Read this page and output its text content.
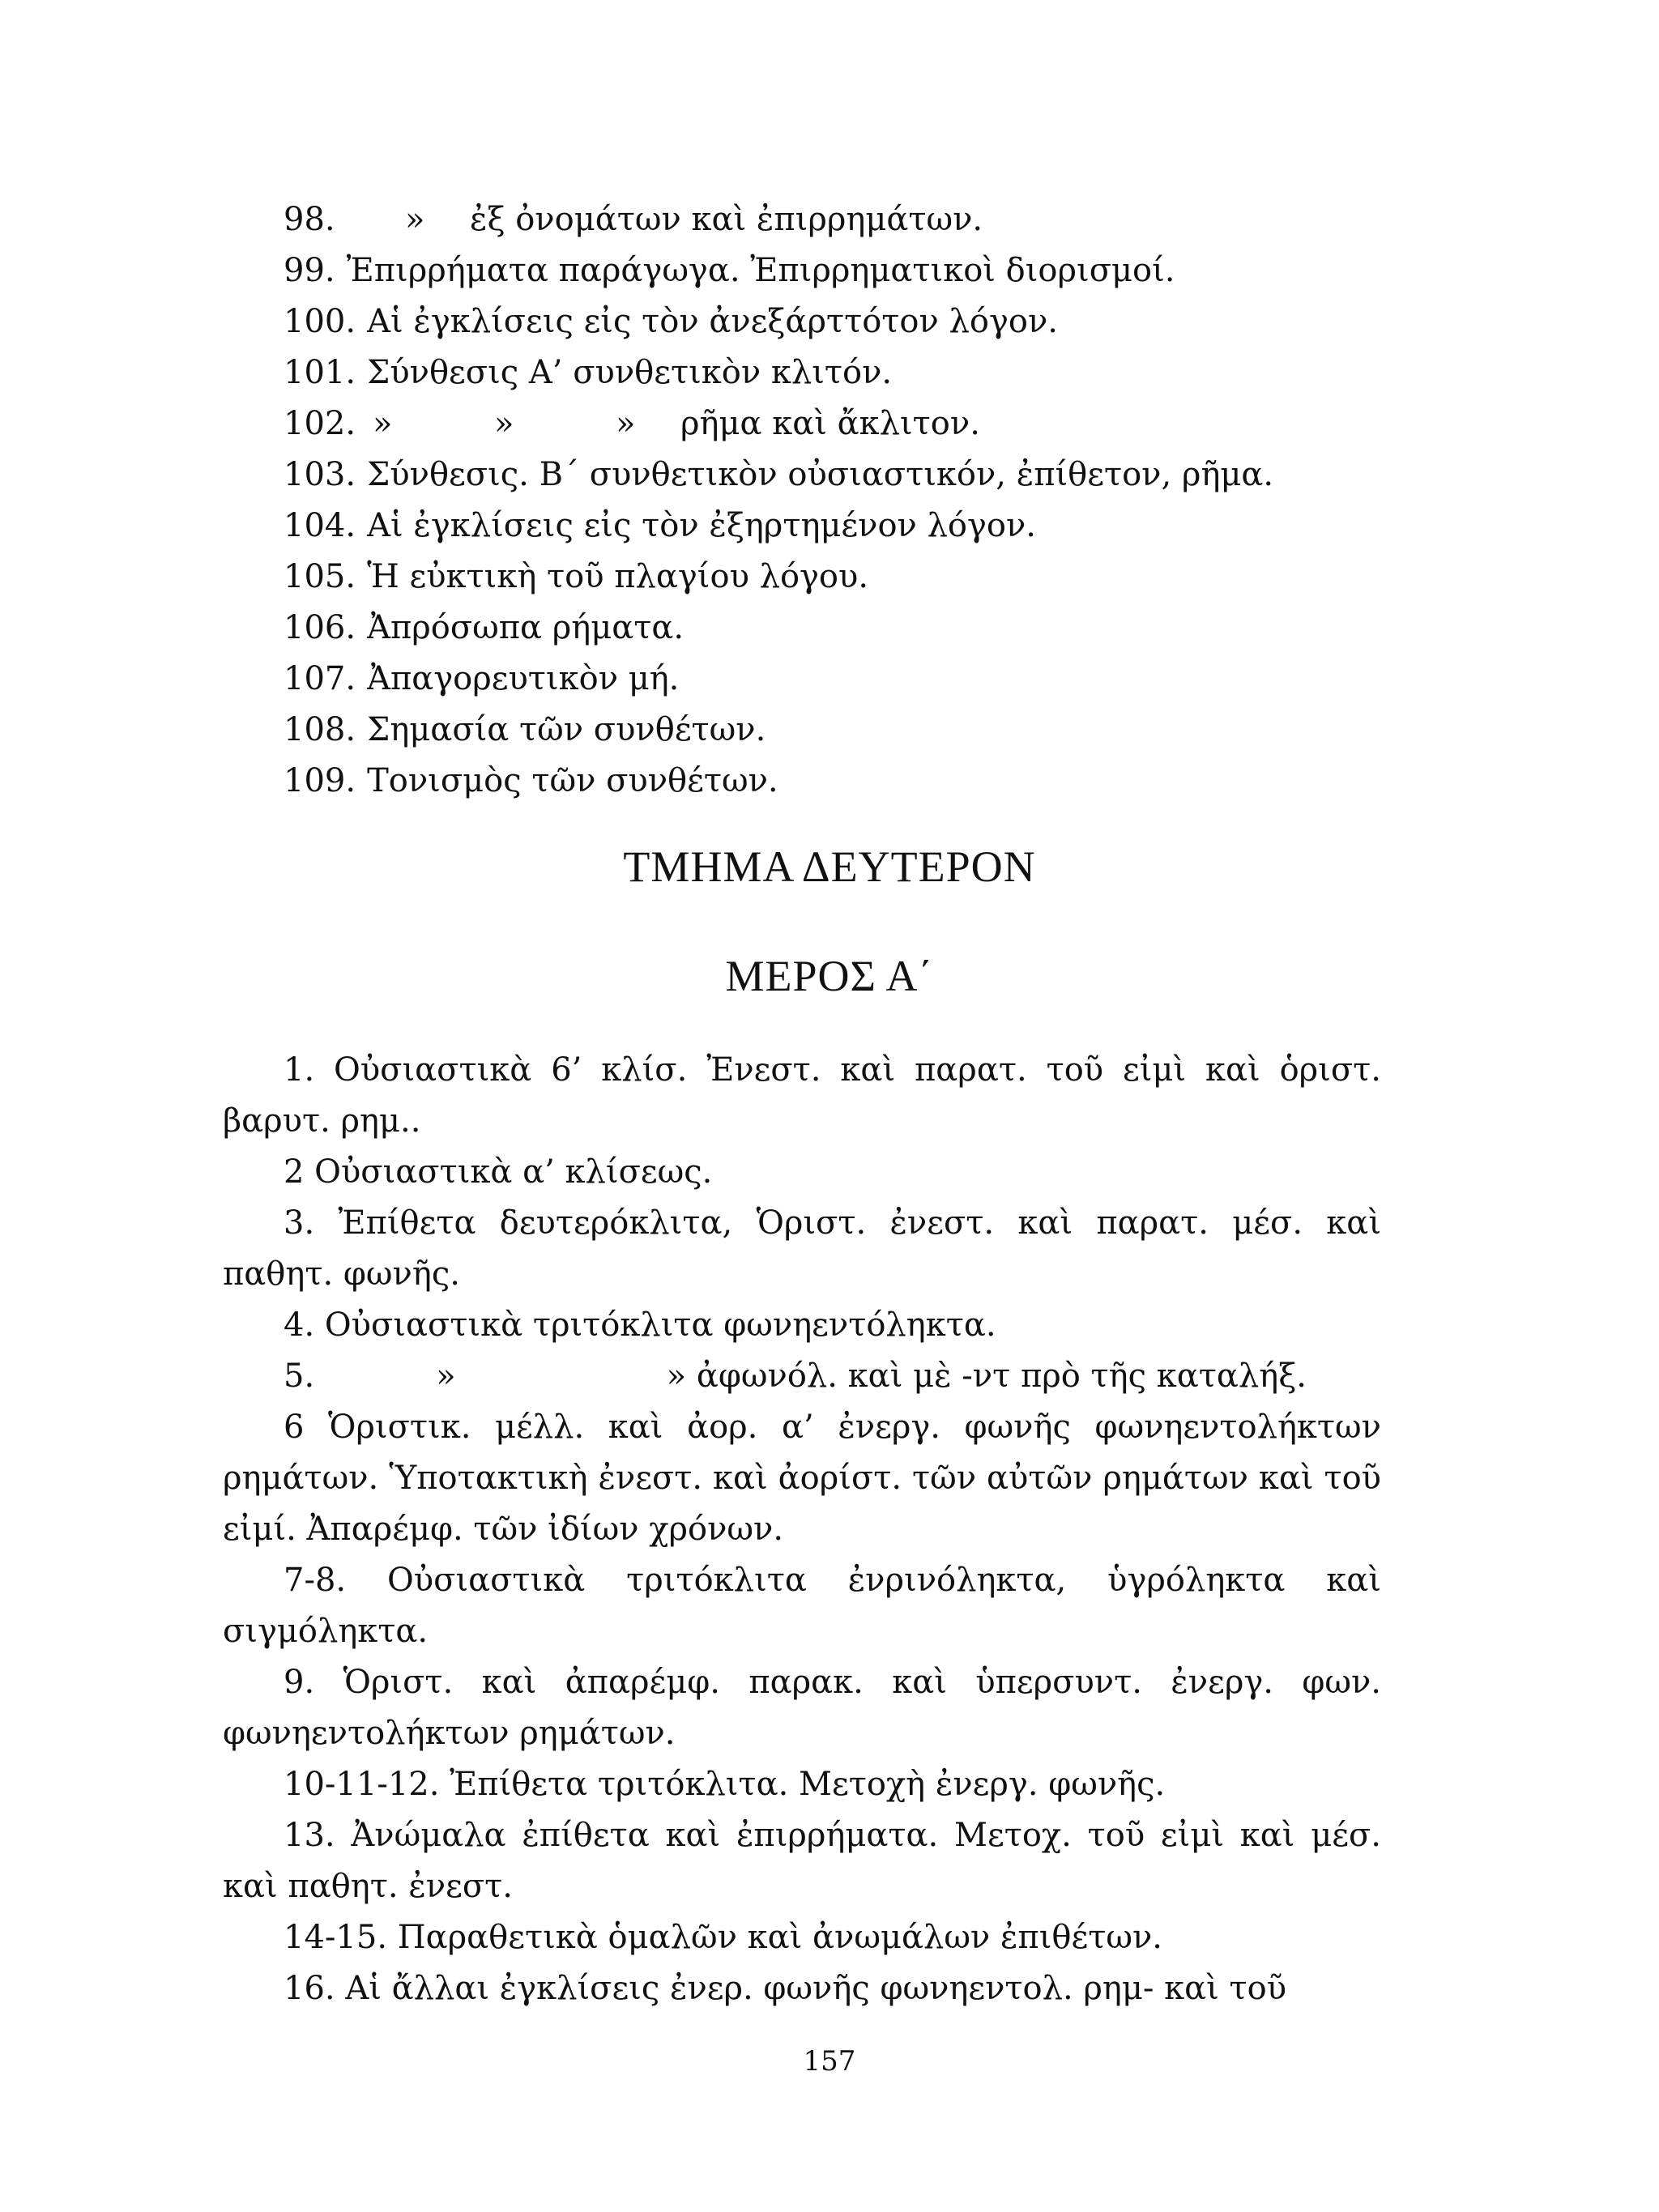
98.	»	ἐξ ὀνομάτων καὶ ἐπιρρημάτων.
99. Ἐπιρρήματα παράγωγα. Ἐπιρρηματικοὶ διορισμοί.
100. Αἱ ἐγκλίσεις εἰς τὸν ἀνεξάρττότον λόγον.
101. Σύνθεσις Α’ συνθετικὸν κλιτόν.
102. »	»	»	ρῆμα καὶ ἄκλιτον.
103. Σύνθεσις. Β΄ συνθετικὸν οὐσιαστικόν, ἐπίθετον, ρῆμα.
104. Αἱ ἐγκλίσεις εἰς τὸν ἐξηρτημένον λόγον.
105. Ἡ εὐκτικὴ τοῦ πλαγίου λόγου.
106. Ἀπρόσωπα ρήματα.
107. Ἀπαγορευτικὸν μή.
108. Σημασία τῶν συνθέτων.
109. Τονισμὸς τῶν συνθέτων.
ΤΜΗΜΑ ΔΕΥΤΕΡΟΝ
ΜΕΡΟΣ Α΄

1. Οὐσιαστικὰ 6’ κλίσ. Ἐνεστ. καὶ παρατ. τοῦ εἰμὶ καὶ ὁριστ. βαρυτ. ρημ..

2 Οὐσιαστικὰ α’ κλίσεως.

3. Ἐπίθετα δευτερόκλιτα, Ὁριστ. ἐνεστ. καὶ παρατ. μέσ. καὶ παθητ. φωνῆς.

4. Οὐσιαστικὰ τριτόκλιτα φωνηεντόληκτα.

5.	»	» ἀφωνόλ. καὶ μὲ -ντ πρὸ τῆς καταλήξ.

6 Ὁριστικ. μέλλ. καὶ ἀορ. α’ ἐνεργ. φωνῆς φωνηεντολήκτων ρημάτων. Ὑποτακτικὴ ἐνεστ. καὶ ἀορίστ. τῶν αὐτῶν ρημάτων καὶ τοῦ εἰμί. Ἀπαρέμφ. τῶν ἰδίων χρόνων.

7-8. Οὐσιαστικὰ τριτόκλιτα ἐνρινόληκτα, ὑγρόληκτα καὶ σιγμόληκτα.

9. Ὁριστ. καὶ ἀπαρέμφ. παρακ. καὶ ὑπερσυντ. ἐνεργ. φων. φωνηεντολήκτων ρημάτων.

10-11-12. Ἐπίθετα τριτόκλιτα. Μετοχὴ ἐνεργ. φωνῆς.

13. Ἀνώμαλα ἐπίθετα καὶ ἐπιρρήματα. Μετοχ. τοῦ εἰμὶ καὶ μέσ. καὶ παθητ. ἐνεστ.

14-15. Παραθετικὰ ὁμαλῶν καὶ ἀνωμάλων ἐπιθέτων.

16. Αἱ ἄλλαι ἐγκλίσεις ἐνερ. φωνῆς φωνηεντολ. ρημ- καὶ τοῦ

157
